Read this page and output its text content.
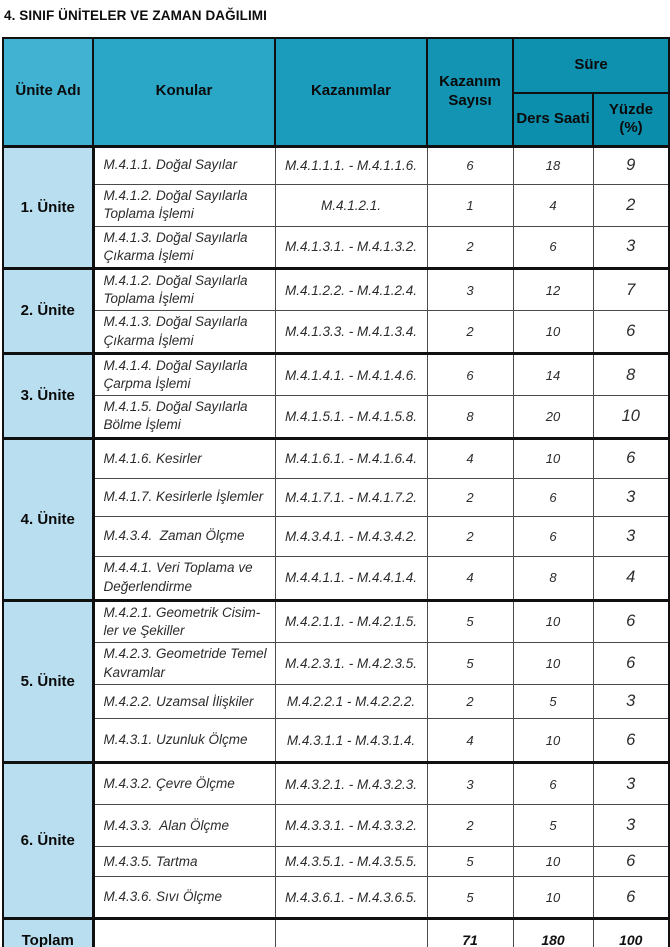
4. SINIF ÜNİTELER VE ZAMAN DAĞILIMI
Ünite Adı	Konular	Kazanımlar	Kazanım Sayısı	Süre	
				Ders Saati	Yüzde (%)
1. Ünite	M.4.1.1. Doğal Sayılar	M.4.1.1.1. - M.4.1.1.6.	6	18	9
	M.4.1.2. Doğal Sayılarla Toplama İşlemi	M.4.1.2.1.	1	4	2
	M.4.1.3. Doğal Sayılarla Çıkarma İşlemi	M.4.1.3.1. - M.4.1.3.2.	2	6	3
2. Ünite	M.4.1.2. Doğal Sayılarla Toplama İşlemi	M.4.1.2.2. - M.4.1.2.4.	3	12	7
	M.4.1.3. Doğal Sayılarla Çıkarma İşlemi	M.4.1.3.3. - M.4.1.3.4.	2	10	6
3. Ünite	M.4.1.4. Doğal Sayılarla Çarpma İşlemi	M.4.1.4.1. - M.4.1.4.6.	6	14	8
	M.4.1.5. Doğal Sayılarla Bölme İşlemi	M.4.1.5.1. - M.4.1.5.8.	8	20	10
4. Ünite	M.4.1.6. Kesirler	M.4.1.6.1. - M.4.1.6.4.	4	10	6
	M.4.1.7. Kesirlerle İşlemler	M.4.1.7.1. - M.4.1.7.2.	2	6	3
	M.4.3.4.  Zaman Ölçme	M.4.3.4.1. - M.4.3.4.2.	2	6	3
	M.4.4.1. Veri Toplama ve Değerlendirme	M.4.4.1.1. - M.4.4.1.4.	4	8	4
5. Ünite	M.4.2.1. Geometrik Cisim-ler ve Şekiller	M.4.2.1.1. - M.4.2.1.5.	5	10	6
	M.4.2.3. Geometride Temel Kavramlar	M.4.2.3.1. - M.4.2.3.5.	5	10	6
	M.4.2.2. Uzamsal İlişkiler	M.4.2.2.1 - M.4.2.2.2.	2	5	3
	M.4.3.1. Uzunluk Ölçme	M.4.3.1.1 - M.4.3.1.4.	4	10	6
6. Ünite	M.4.3.2. Çevre Ölçme	M.4.3.2.1. - M.4.3.2.3.	3	6	3
	M.4.3.3.  Alan Ölçme	M.4.3.3.1. - M.4.3.3.2.	2	5	3
	M.4.3.5. Tartma	M.4.3.5.1. - M.4.3.5.5.	5	10	6
	M.4.3.6. Sıvı Ölçme	M.4.3.6.1. - M.4.3.6.5.	5	10	6
Toplam			71	180	100
